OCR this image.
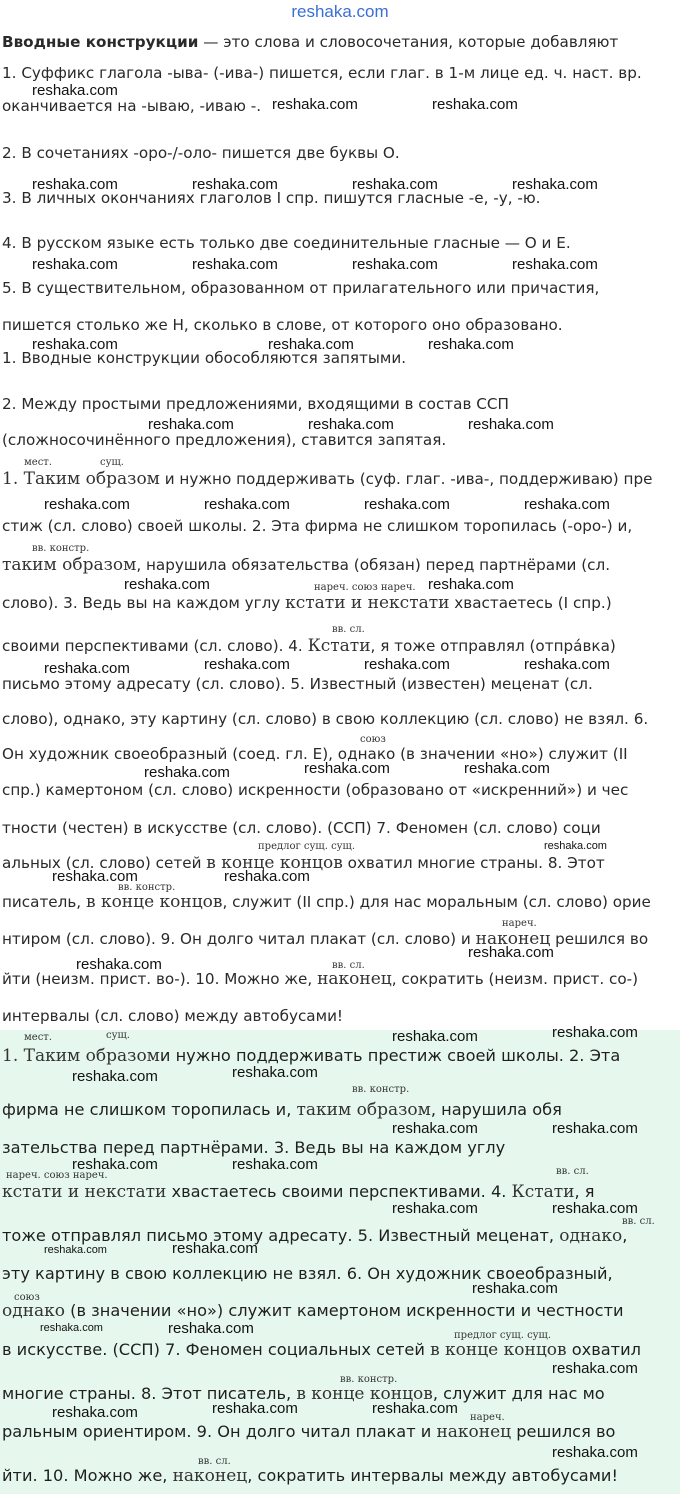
reshaka.com
Вводные конструкции — это слова и словосочетания, которые добавляют
1. Суффикс глагола -ыва- (-ива-) пишется, если глаг. в 1-м лице ед. ч. наст. вр.
оканчивается на -ываю, -иваю -.
2. В сочетаниях -оро-/-оло- пишется две буквы О.
3. В личных окончаниях глаголов I спр. пишутся гласные -е, -у, -ю.
4. В русском языке есть только две соединительные гласные — О и Е.
5. В существительном, образованном от прилагательного или причастия,
пишется столько же Н, сколько в слове, от которого оно образовано.
1. Вводные конструкции обособляются запятыми.
2. Между простыми предложениями, входящими в состав ССП
(сложносочинённого предложения), ставится запятая.
1. Таким образом и нужно поддерживать (суф. глаг. -ива-, поддерживаю) пре
стиж (сл. слово) своей школы. 2. Эта фирма не слишком торопилась (-оро-) и,
таким образом, нарушила обязательства (обязан) перед партнёрами (сл.
слово). 3. Ведь вы на каждом углу кстати и некстати хвастаетесь (I спр.)
своими перспективами (сл. слово). 4. Кстати, я тоже отправлял (отпрáвка)
письмо этому адресату (сл. слово). 5. Известный (известен) меценат (сл.
слово), однако, эту картину (сл. слово) в свою коллекцию (сл. слово) не взял. 6.
Он художник своеобразный (соед. гл. Е), однако (в значении «но») служит (II
спр.) камертоном (сл. слово) искренности (образовано от «искренний») и чес
тности (честен) в искусстве (сл. слово). (ССП) 7. Феномен (сл. слово) соци
альных (сл. слово) сетей в конце концов охватил многие страны. 8. Этот
писатель, в конце концов, служит (II спр.) для нас моральным (сл. слово) орие
нтиром (сл. слово). 9. Он долго читал плакат (сл. слово) и наконец решился во
йти (неизм. прист. во-). 10. Можно же, наконец, сократить (неизм. прист. со-)
интервалы (сл. слово) между автобусами!
1. Таким образоми нужно поддерживать престиж своей школы. 2. Эта
фирма не слишком торопилась и, таким образом, нарушила обя
зательства перед партнёрами. 3. Ведь вы на каждом углу
кстати и некстати хвастаетесь своими перспективами. 4. Кстати, я
тоже отправлял письмо этому адресату. 5. Известный меценат, однако,
эту картину в свою коллекцию не взял. 6. Он художник своеобразный,
однако (в значении «но») служит камертоном искренности и честности
в искусстве. (ССП) 7. Феномен социальных сетей в конце концов охватил
многие страны. 8. Этот писатель, в конце концов, служит для нас мо
ральным ориентиром. 9. Он долго читал плакат и наконец решился во
йти. 10. Можно же, наконец, сократить интервалы между автобусами!
мест.	сущ.
вв. констр.
нареч. союз нареч.
вв. сл.
союз
предлог сущ. сущ.
вв. констр.
нареч.
вв. сл.
мест.	сущ.
вв. констр.
нареч. союз нареч.	вв. сл.
вв. сл.
союз
предлог сущ. сущ.
вв. констр.
нареч.
вв. сл.
reshaka.com
reshaka.com	reshaka.com
reshaka.com	reshaka.com	reshaka.com	reshaka.com
reshaka.com	reshaka.com	reshaka.com	reshaka.com
reshaka.com	reshaka.com	reshaka.com
reshaka.com	reshaka.com	reshaka.com
reshaka.com	reshaka.com	reshaka.com	reshaka.com
reshaka.com	reshaka.com
reshaka.com	reshaka.com	reshaka.com	reshaka.com
reshaka.com	reshaka.com	reshaka.com
reshaka.com
reshaka.com	reshaka.com
reshaka.com
reshaka.com
reshaka.com	reshaka.com
reshaka.com	reshaka.com
reshaka.com	reshaka.com
reshaka.com	reshaka.com
reshaka.com	reshaka.com
reshaka.com	reshaka.com
reshaka.com
reshaka.com	reshaka.com
reshaka.com
reshaka.com	reshaka.com	reshaka.com
reshaka.com
